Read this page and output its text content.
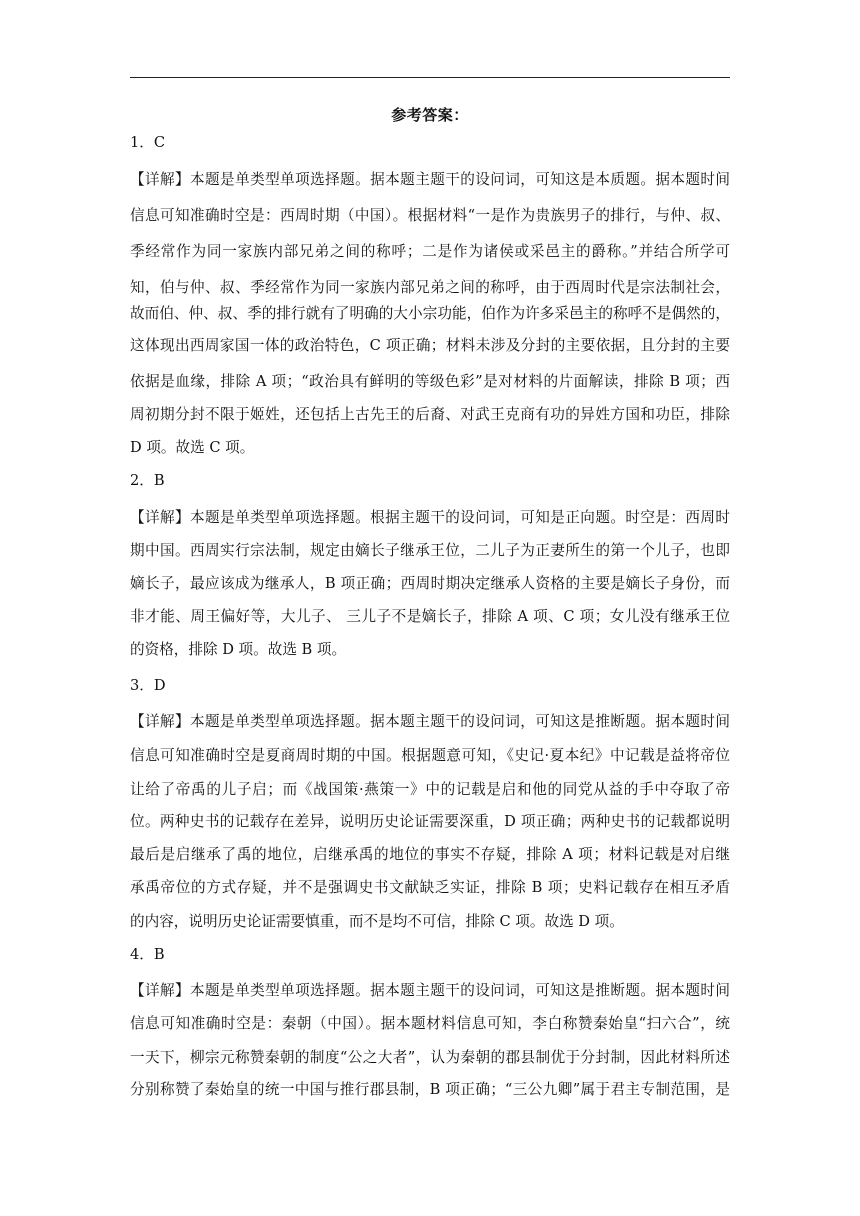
参考答案：
1．C
【详解】本题是单类型单项选择题。据本题主题干的设问词，可知这是本质题。据本题时间
信息可知准确时空是：西周时期（中国）。根据材料“一是作为贵族男子的排行，与仲、叔、
季经常作为同一家族内部兄弟之间的称呼；二是作为诸侯或采邑主的爵称。”并结合所学可
知，伯与仲、叔、季经常作为同一家族内部兄弟之间的称呼，由于西周时代是宗法制社会，
故而伯、仲、叔、季的排行就有了明确的大小宗功能，伯作为许多采邑主的称呼不是偶然的，
这体现出西周家国一体的政治特色，C 项正确；材料未涉及分封的主要依据，且分封的主要
依据是血缘，排除 A 项；“政治具有鲜明的等级色彩”是对材料的片面解读，排除 B 项；西
周初期分封不限于姬姓，还包括上古先王的后裔、对武王克商有功的异姓方国和功臣，排除
D 项。故选 C 项。
2．B
【详解】本题是单类型单项选择题。根据主题干的设问词，可知是正向题。时空是：西周时
期中国。西周实行宗法制，规定由嫡长子继承王位，二儿子为正妻所生的第一个儿子，也即
嫡长子，最应该成为继承人，B 项正确；西周时期决定继承人资格的主要是嫡长子身份，而
非才能、周王偏好等，大儿子、 三儿子不是嫡长子，排除 A 项、C 项；女儿没有继承王位
的资格，排除 D 项。故选 B 项。
3．D
【详解】本题是单类型单项选择题。据本题主题干的设问词，可知这是推断题。据本题时间
信息可知准确时空是夏商周时期的中国。根据题意可知，《史记·夏本纪》中记载是益将帝位
让给了帝禹的儿子启；而《战国策·燕策一》中的记载是启和他的同党从益的手中夺取了帝
位。两种史书的记载存在差异，说明历史论证需要深重，D 项正确；两种史书的记载都说明
最后是启继承了禹的地位，启继承禹的地位的事实不存疑，排除 A 项；材料记载是对启继
承禹帝位的方式存疑，并不是强调史书文献缺乏实证，排除 B 项；史料记载存在相互矛盾
的内容，说明历史论证需要慎重，而不是均不可信，排除 C 项。故选 D 项。
4．B
【详解】本题是单类型单项选择题。据本题主题干的设问词，可知这是推断题。据本题时间
信息可知准确时空是：秦朝（中国）。据本题材料信息可知，李白称赞秦始皇“扫六合”，统
一天下，柳宗元称赞秦朝的制度“公之大者”，认为秦朝的郡县制优于分封制，因此材料所述
分别称赞了秦始皇的统一中国与推行郡县制，B 项正确；“三公九卿”属于君主专制范围，是
